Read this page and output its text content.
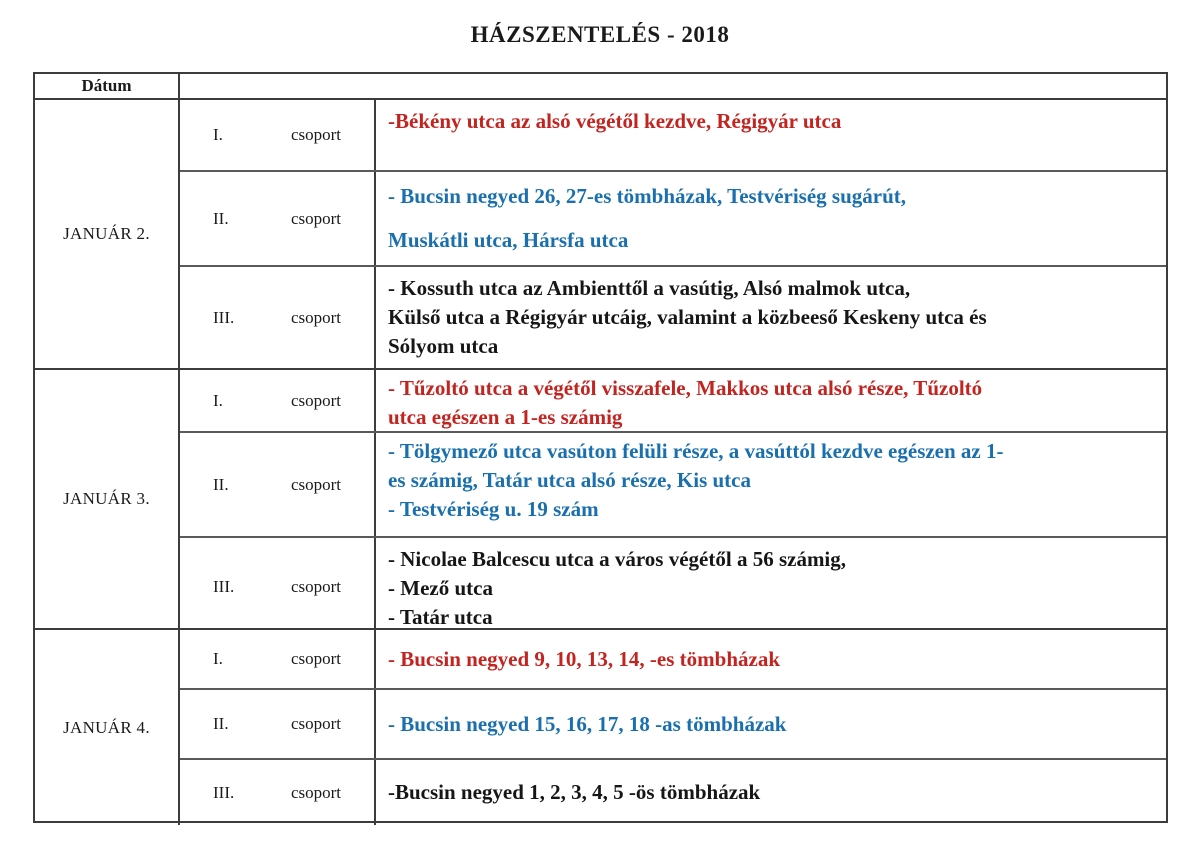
HÁZSZENTELÉS - 2018
Dátum
JANUÁR 2.
I.	csoport
-Békény utca az alsó végétől kezdve, Régigyár utca
II.	csoport
- Bucsin negyed 26, 27-es tömbházak, Testvériség sugárút,
Muskátli utca, Hársfa utca
III.	csoport
- Kossuth utca az Ambienttől a vasútig, Alsó malmok utca,
Külső utca a Régigyár utcáig, valamint a közbeeső Keskeny utca és
Sólyom utca
JANUÁR 3.
I.	csoport - Tűzoltó utca a végétől visszafele, Makkos utca alsó része, Tűzoltó
utca egészen a 1-es számig
II.	csoport
- Tölgymező utca vasúton felüli része, a vasúttól kezdve egészen az 1-
es számig, Tatár utca alsó része, Kis utca
- Testvériség u. 19 szám
III.	csoport
- Nicolae Balcescu utca a város végétől a 56 számig,
- Mező utca
- Tatár utca
JANUÁR 4.
I.	csoport - Bucsin negyed 9, 10, 13, 14, -es tömbházak
II.	csoport - Bucsin negyed 15, 16, 17, 18 -as tömbházak
III.	csoport -Bucsin negyed 1, 2, 3, 4, 5 -ös tömbházak
